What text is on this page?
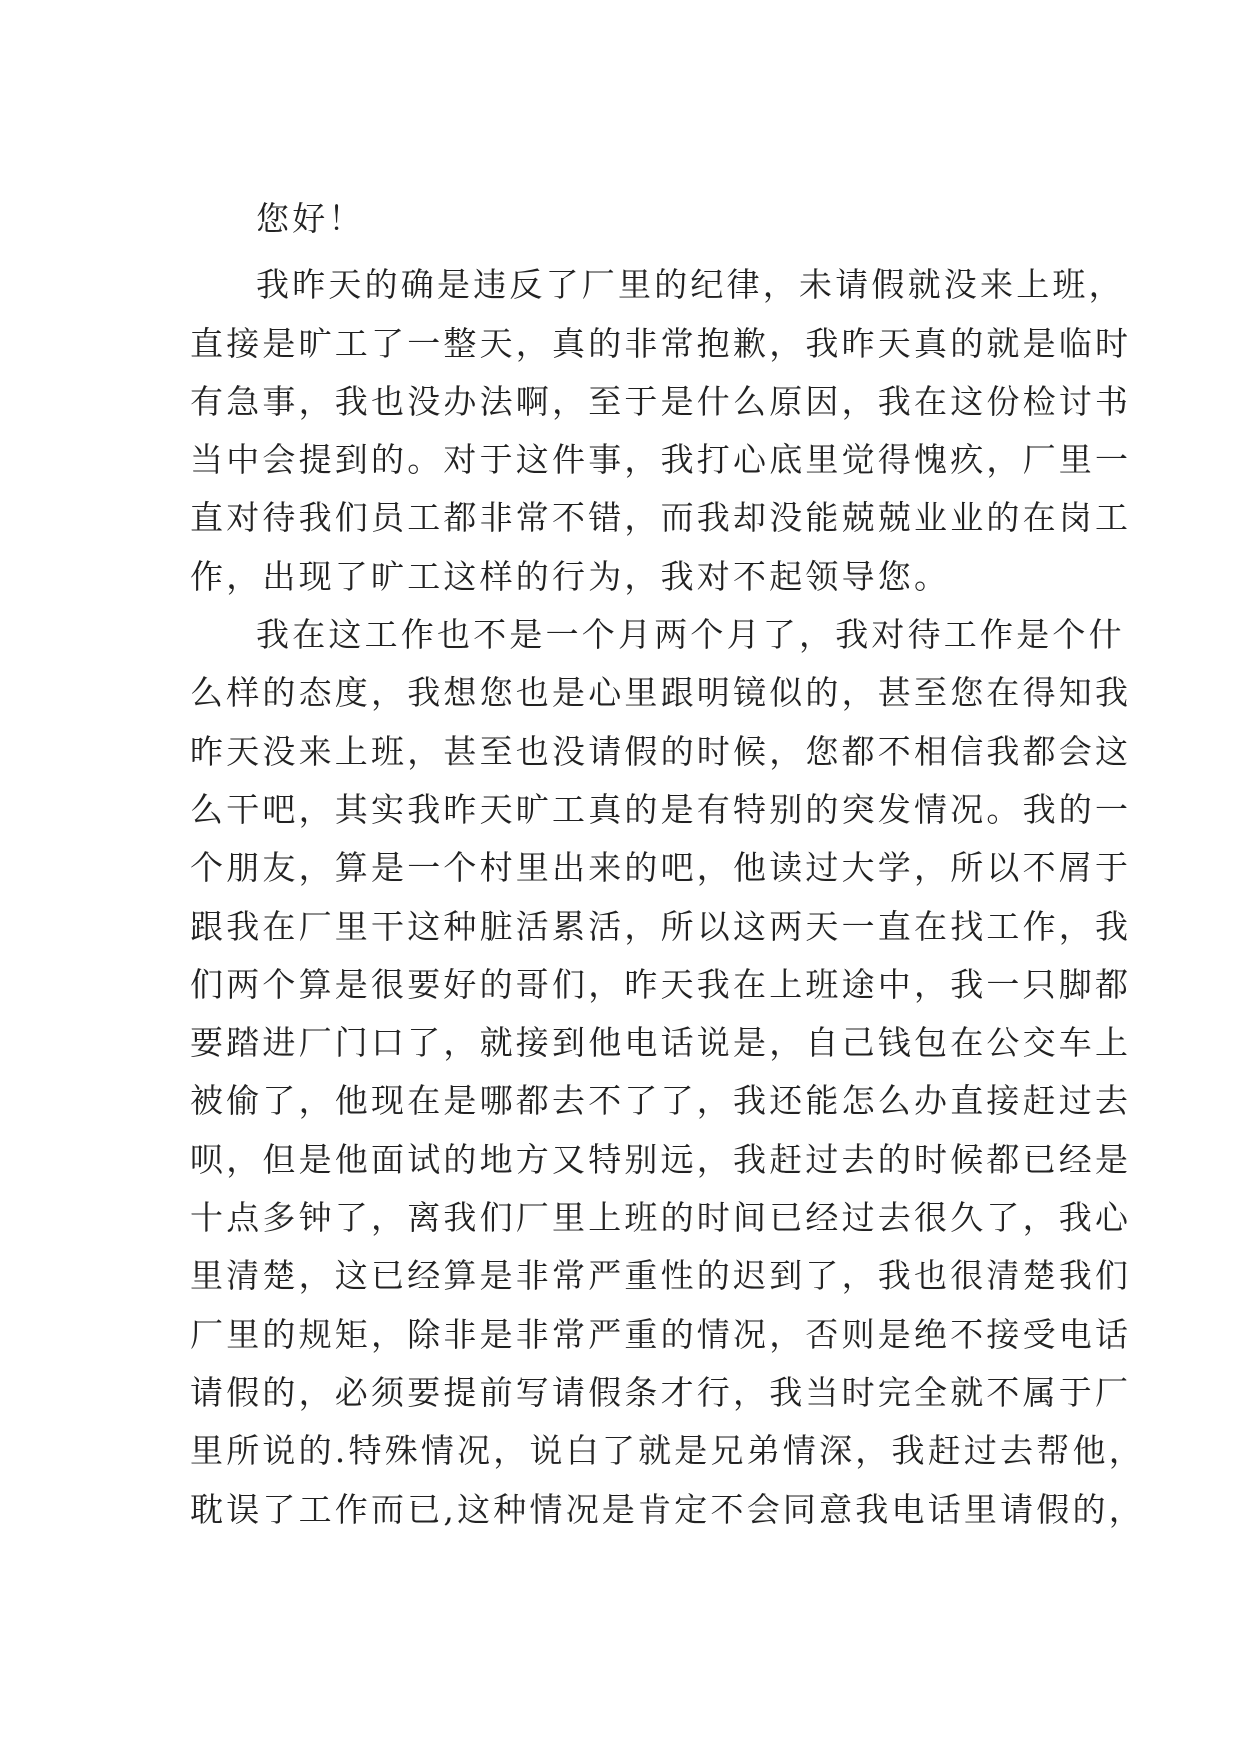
您好！
我昨天的确是违反了厂里的纪律，未请假就没来上班，
直接是旷工了一整天，真的非常抱歉，我昨天真的就是临时
有急事，我也没办法啊，至于是什么原因，我在这份检讨书
当中会提到的。对于这件事，我打心底里觉得愧疚，厂里一
直对待我们员工都非常不错，而我却没能兢兢业业的在岗工
作，出现了旷工这样的行为，我对不起领导您。
我在这工作也不是一个月两个月了，我对待工作是个什
么样的态度，我想您也是心里跟明镜似的，甚至您在得知我
昨天没来上班，甚至也没请假的时候，您都不相信我都会这
么干吧，其实我昨天旷工真的是有特别的突发情况。我的一
个朋友，算是一个村里出来的吧，他读过大学，所以不屑于
跟我在厂里干这种脏活累活，所以这两天一直在找工作，我
们两个算是很要好的哥们，昨天我在上班途中，我一只脚都
要踏进厂门口了，就接到他电话说是，自己钱包在公交车上
被偷了，他现在是哪都去不了了，我还能怎么办直接赶过去
呗，但是他面试的地方又特别远，我赶过去的时候都已经是
十点多钟了，离我们厂里上班的时间已经过去很久了，我心
里清楚，这已经算是非常严重性的迟到了，我也很清楚我们
厂里的规矩，除非是非常严重的情况，否则是绝不接受电话
请假的，必须要提前写请假条才行，我当时完全就不属于厂
里所说的.特殊情况，说白了就是兄弟情深，我赶过去帮他，
耽误了工作而已,这种情况是肯定不会同意我电话里请假的，
